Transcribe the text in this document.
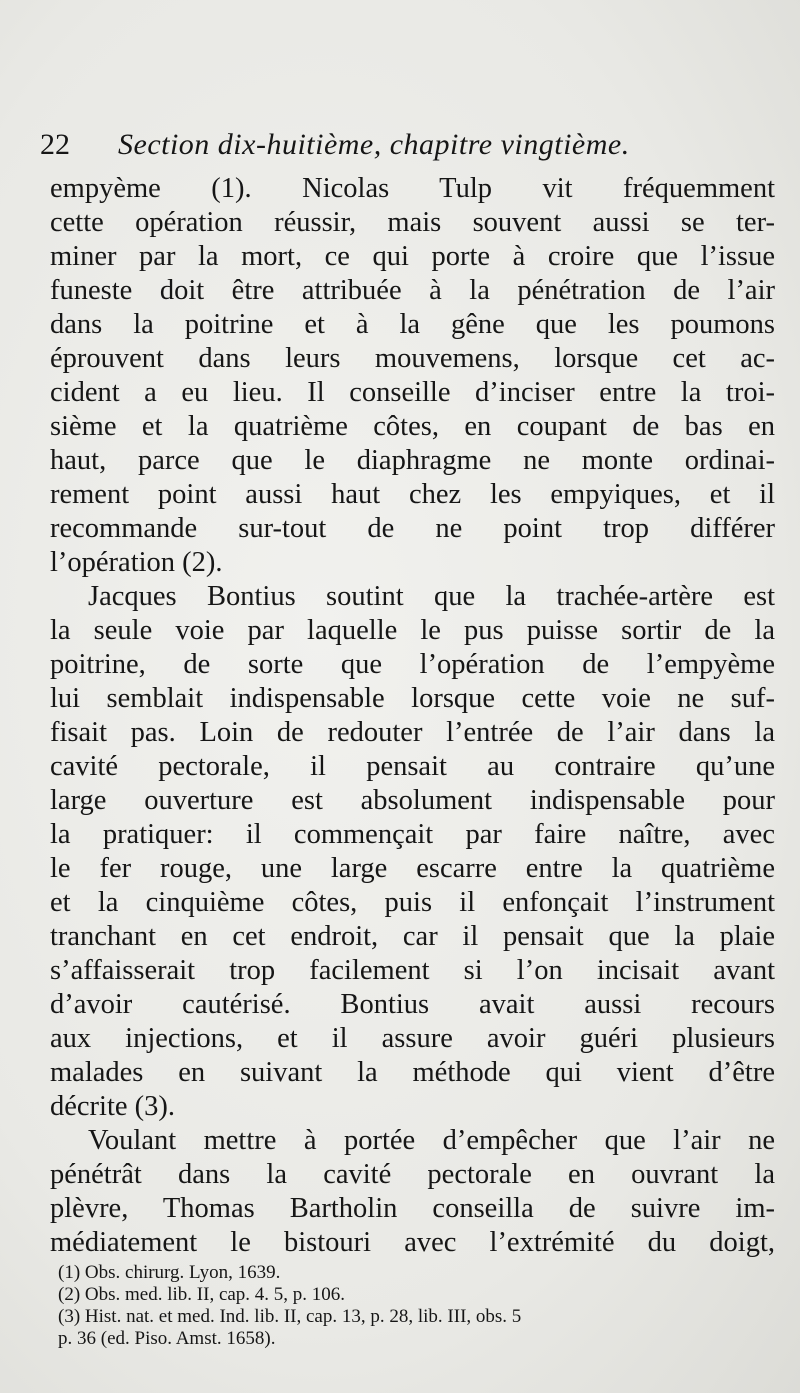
22 Section dix-huitième, chapitre vingtième.
empyème (1). Nicolas Tulp vit fréquemment
cette opération réussir, mais souvent aussi se ter-
miner par la mort, ce qui porte à croire que l’issue
funeste doit être attribuée à la pénétration de l’air
dans la poitrine et à la gêne que les poumons
éprouvent dans leurs mouvemens, lorsque cet ac-
cident a eu lieu. Il conseille d’inciser entre la troi-
sième et la quatrième côtes, en coupant de bas en
haut, parce que le diaphragme ne monte ordinai-
rement point aussi haut chez les empyiques, et il
recommande sur-tout de ne point trop différer
l’opération (2).
Jacques Bontius soutint que la trachée-artère est
la seule voie par laquelle le pus puisse sortir de la
poitrine, de sorte que l’opération de l’empyème
lui semblait indispensable lorsque cette voie ne suf-
fisait pas. Loin de redouter l’entrée de l’air dans la
cavité pectorale, il pensait au contraire qu’une
large ouverture est absolument indispensable pour
la pratiquer: il commençait par faire naître, avec
le fer rouge, une large escarre entre la quatrième
et la cinquième côtes, puis il enfonçait l’instrument
tranchant en cet endroit, car il pensait que la plaie
s’affaisserait trop facilement si l’on incisait avant
d’avoir cautérisé. Bontius avait aussi recours
aux injections, et il assure avoir guéri plusieurs
malades en suivant la méthode qui vient d’être
décrite (3).
Voulant mettre à portée d’empêcher que l’air ne
pénétrât dans la cavité pectorale en ouvrant la
plèvre, Thomas Bartholin conseilla de suivre im-
médiatement le bistouri avec l’extrémité du doigt,
(1) Obs. chirurg. Lyon, 1639.
(2) Obs. med. lib. II, cap. 4. 5, p. 106.
(3) Hist. nat. et med. Ind. lib. II, cap. 13, p. 28, lib. III, obs. 5
p. 36 (ed. Piso. Amst. 1658).
